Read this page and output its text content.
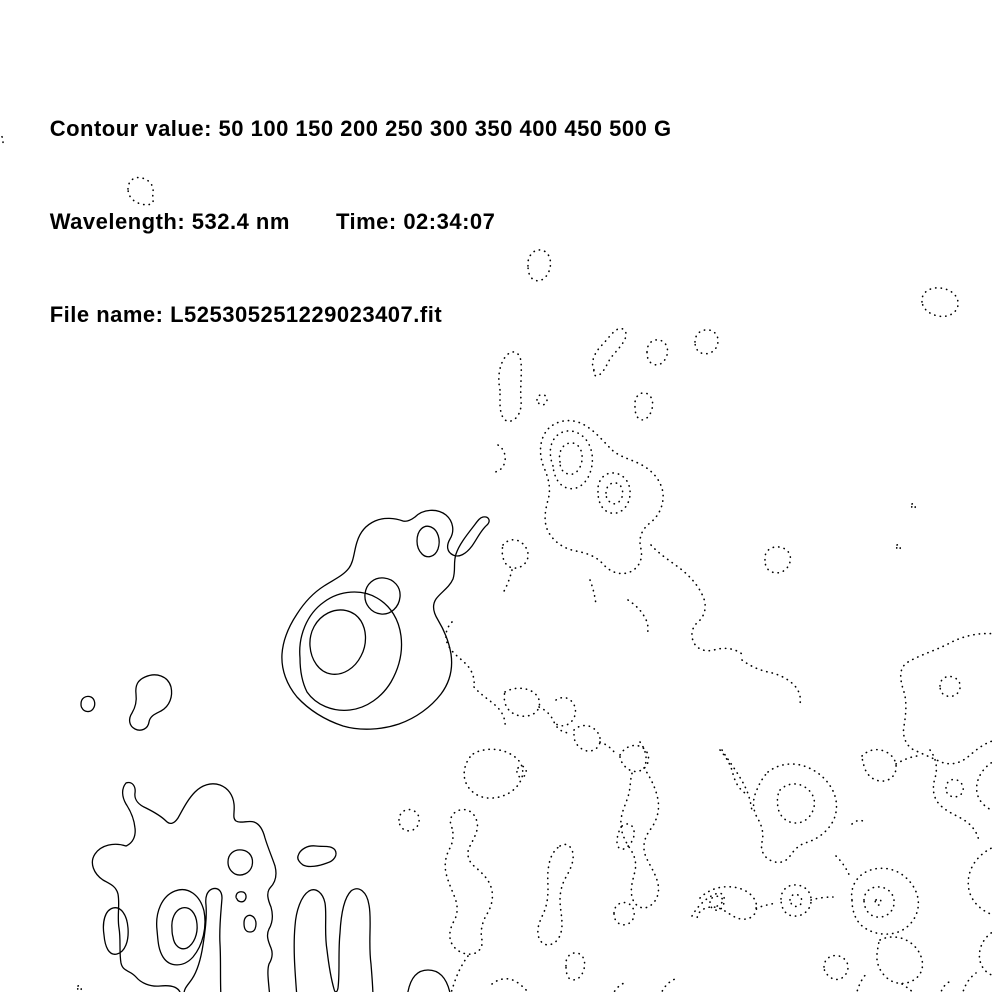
Contour value: 50 100 150 200 250 300 350 400 450 500 G

Wavelength: 532.4 nm Time: 02:34:07

File name: L525305251229023407.fit
